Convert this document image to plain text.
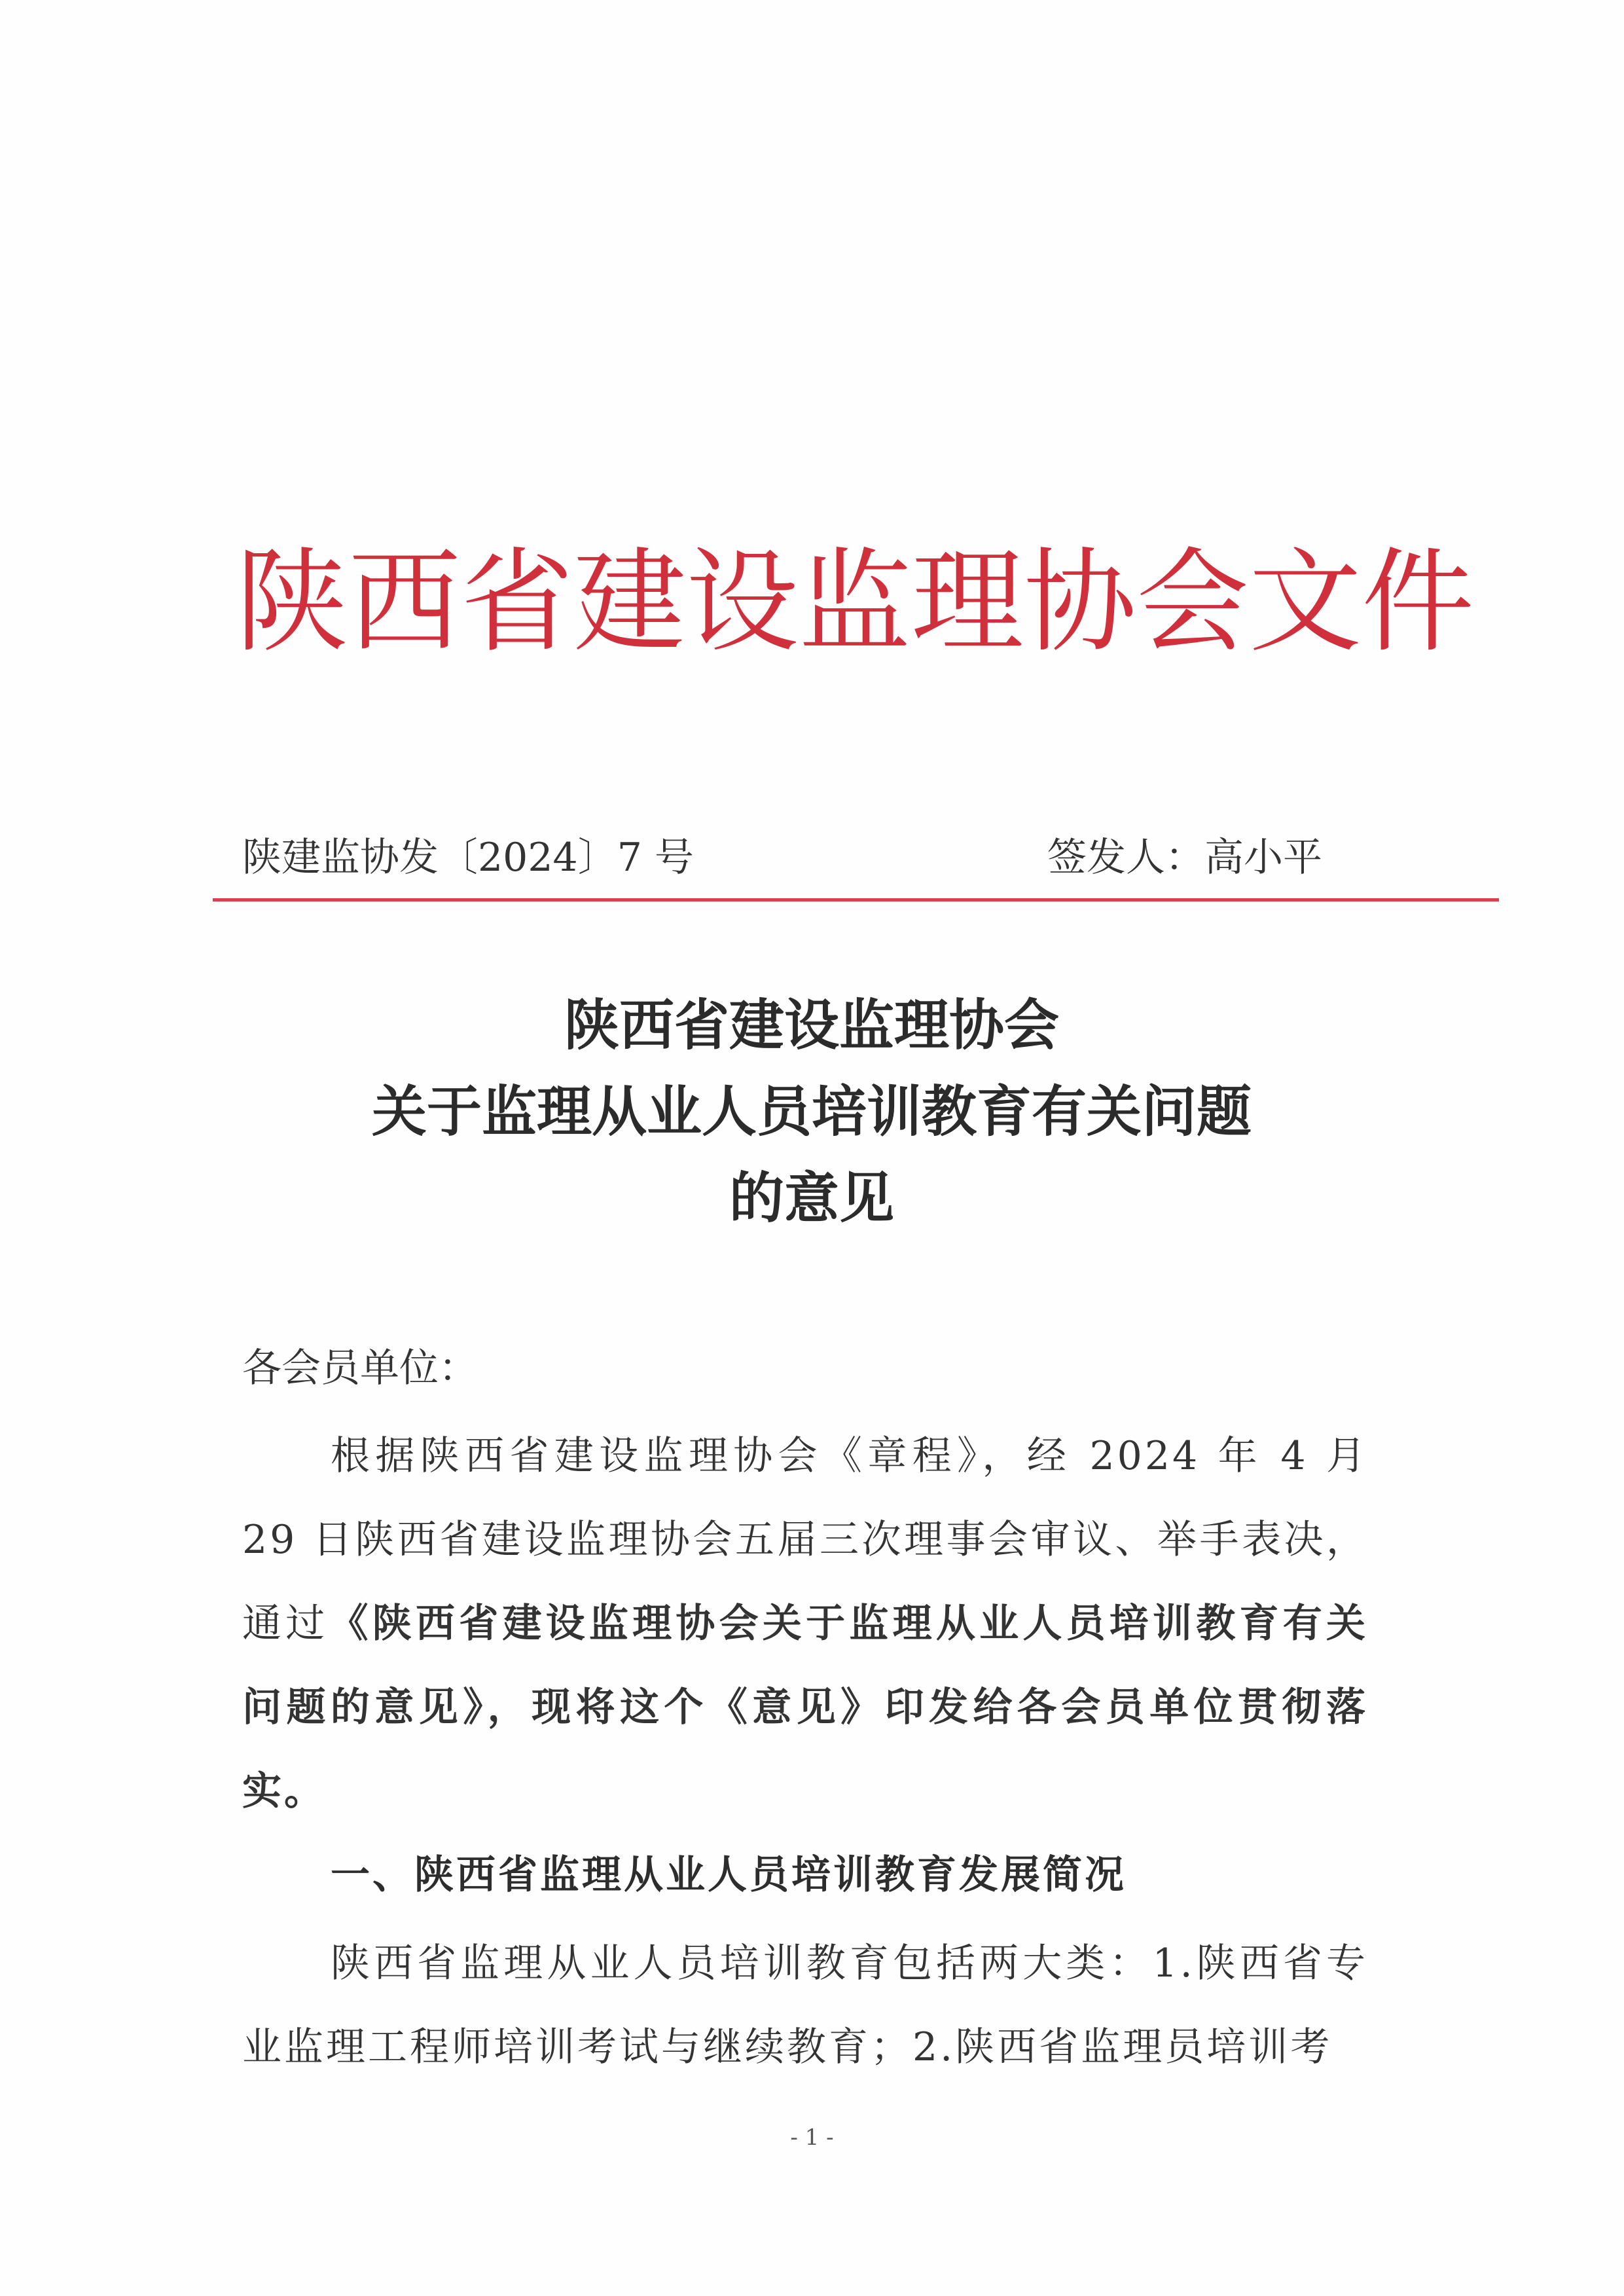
陕西省建设监理协会文件
陕建监协发〔2024〕7 号	签发人：高小平
陕西省建设监理协会
关于监理从业人员培训教育有关问题
的意见
各会员单位：
根据陕西省建设监理协会《章程》，经 2024 年 4 月 29 日陕西省建设监理协会五届三次理事会审议、举手表决，通过《陕西省建设监理协会关于监理从业人员培训教育有关问题的意见》，现将这个《意见》印发给各会员单位贯彻落实。
一、陕西省监理从业人员培训教育发展简况
陕西省监理从业人员培训教育包括两大类：1.陕西省专业监理工程师培训考试与继续教育；2.陕西省监理员培训考
- 1 -
